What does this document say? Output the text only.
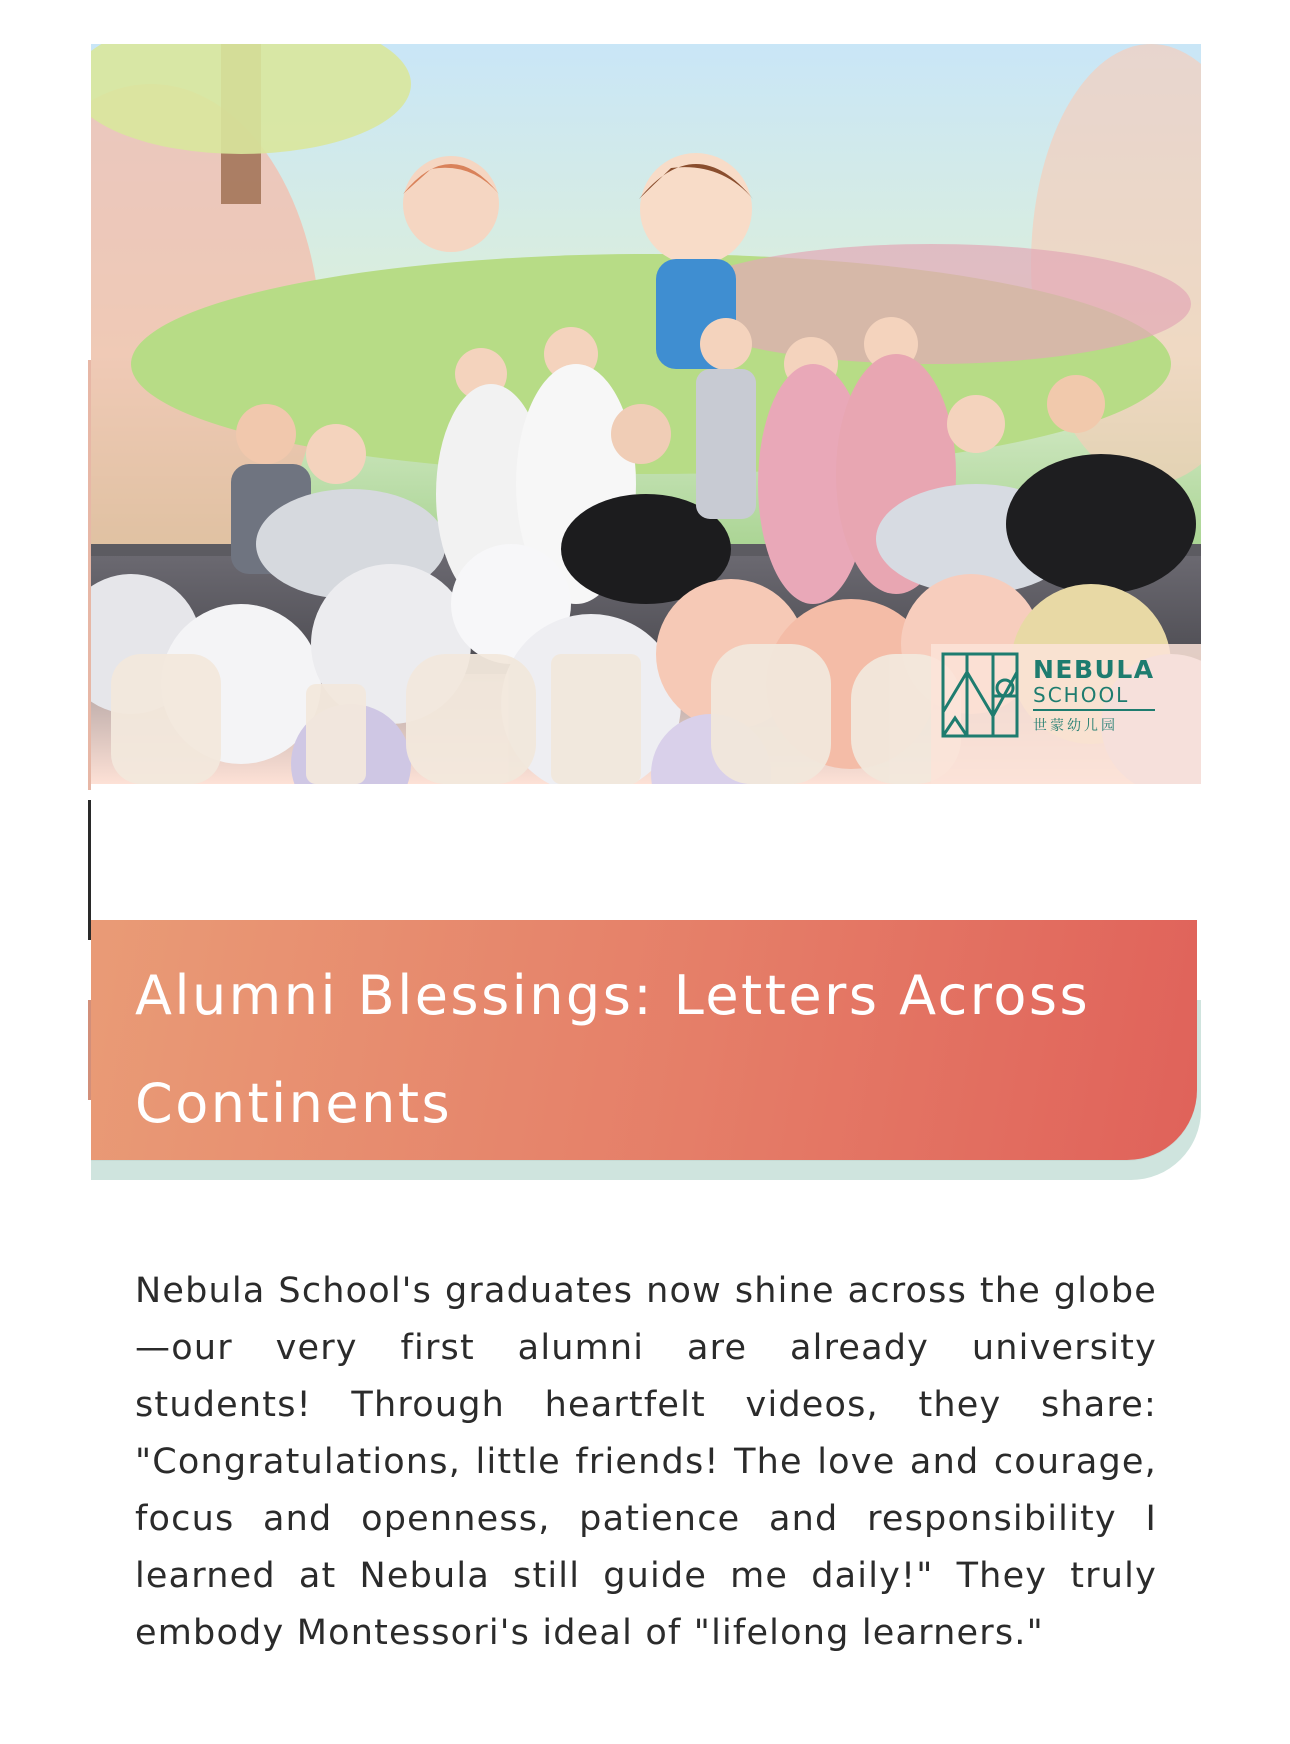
NEBULA
SCHOOL
世蒙幼儿园
Alumni Blessings: Letters Across Continents

Nebula School's graduates now shine across the globe—our very first alumni are already university students! Through heartfelt videos, they share: "Congratulations, little friends! The love and courage, focus and openness, patience and responsibility I learned at Nebula still guide me daily!" They truly embody Montessori's ideal of "lifelong learners."
